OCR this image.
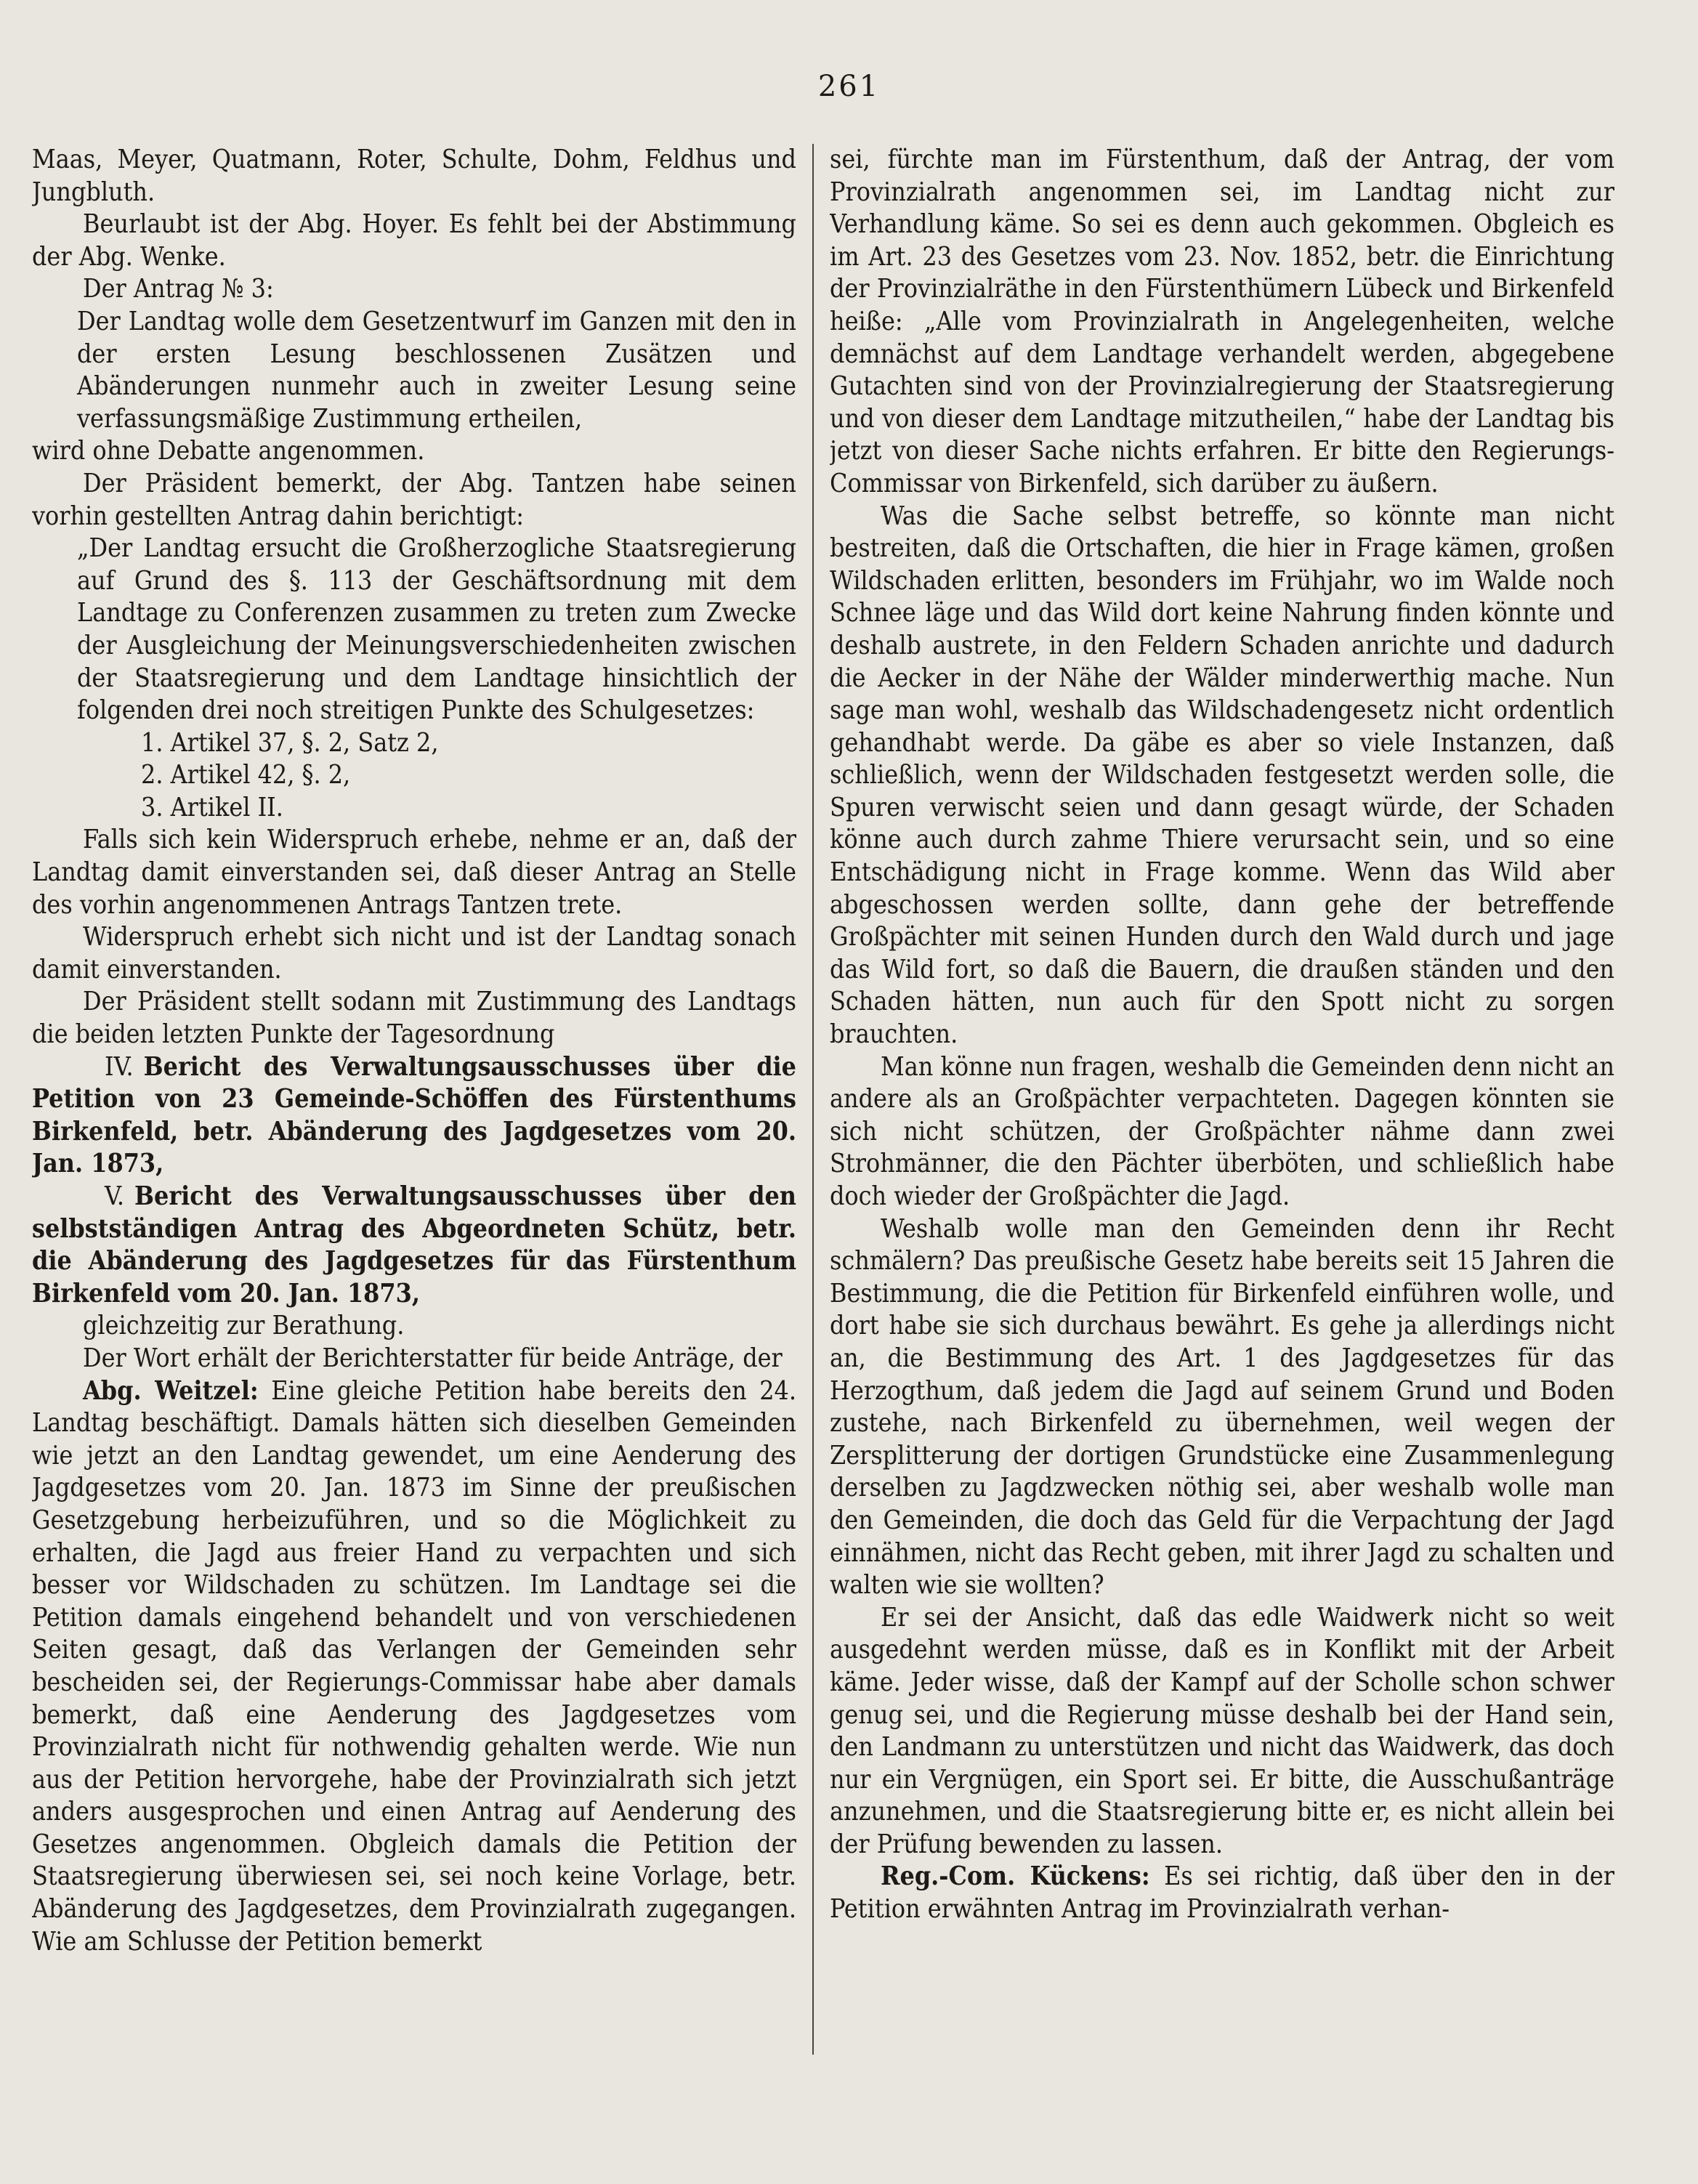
261

Maas, Meyer, Quatmann, Roter, Schulte, Dohm, Feldhus und Jungbluth.

Beurlaubt ist der Abg. Hoyer. Es fehlt bei der Abstimmung der Abg. Wenke.

Der Antrag № 3:

Der Landtag wolle dem Gesetzentwurf im Ganzen mit den in der ersten Lesung beschlossenen Zusätzen und Abänderungen nunmehr auch in zweiter Lesung seine verfassungsmäßige Zustimmung ertheilen,

wird ohne Debatte angenommen.

Der Präsident bemerkt, der Abg. Tantzen habe seinen vorhin gestellten Antrag dahin berichtigt:

„Der Landtag ersucht die Großherzogliche Staatsregierung auf Grund des §. 113 der Geschäftsordnung mit dem Landtage zu Conferenzen zusammen zu treten zum Zwecke der Ausgleichung der Meinungsverschiedenheiten zwischen der Staatsregierung und dem Landtage hinsichtlich der folgenden drei noch streitigen Punkte des Schulgesetzes:

1. Artikel 37, §. 2, Satz 2,

2. Artikel 42, §. 2,

3. Artikel II.

Falls sich kein Widerspruch erhebe, nehme er an, daß der Landtag damit einverstanden sei, daß dieser Antrag an Stelle des vorhin angenommenen Antrags Tantzen trete.

Widerspruch erhebt sich nicht und ist der Landtag sonach damit einverstanden.

Der Präsident stellt sodann mit Zustimmung des Landtags die beiden letzten Punkte der Tagesordnung

IV. Bericht des Verwaltungsausschusses über die Petition von 23 Gemeinde-Schöffen des Fürstenthums Birkenfeld, betr. Abänderung des Jagdgesetzes vom 20. Jan. 1873,

V. Bericht des Verwaltungsausschusses über den selbstständigen Antrag des Abgeordneten Schütz, betr. die Abänderung des Jagdgesetzes für das Fürstenthum Birkenfeld vom 20. Jan. 1873,

gleichzeitig zur Berathung.

Der Wort erhält der Berichterstatter für beide Anträge, der

Abg. Weitzel: Eine gleiche Petition habe bereits den 24. Landtag beschäftigt. Damals hätten sich dieselben Gemeinden wie jetzt an den Landtag gewendet, um eine Aenderung des Jagdgesetzes vom 20. Jan. 1873 im Sinne der preußischen Gesetzgebung herbeizuführen, und so die Möglichkeit zu erhalten, die Jagd aus freier Hand zu verpachten und sich besser vor Wildschaden zu schützen. Im Landtage sei die Petition damals eingehend behandelt und von verschiedenen Seiten gesagt, daß das Verlangen der Gemeinden sehr bescheiden sei, der Regierungs-Commissar habe aber damals bemerkt, daß eine Aenderung des Jagdgesetzes vom Provinzialrath nicht für nothwendig gehalten werde. Wie nun aus der Petition hervorgehe, habe der Provinzialrath sich jetzt anders ausgesprochen und einen Antrag auf Aenderung des Gesetzes angenommen. Obgleich damals die Petition der Staatsregierung überwiesen sei, sei noch keine Vorlage, betr. Abänderung des Jagdgesetzes, dem Provinzialrath zugegangen. Wie am Schlusse der Petition bemerkt

sei, fürchte man im Fürstenthum, daß der Antrag, der vom Provinzialrath angenommen sei, im Landtag nicht zur Verhandlung käme. So sei es denn auch gekommen. Obgleich es im Art. 23 des Gesetzes vom 23. Nov. 1852, betr. die Einrichtung der Provinzialräthe in den Fürstenthümern Lübeck und Birkenfeld heiße: „Alle vom Provinzialrath in Angelegenheiten, welche demnächst auf dem Landtage verhandelt werden, abgegebene Gutachten sind von der Provinzialregierung der Staatsregierung und von dieser dem Landtage mitzutheilen,“ habe der Landtag bis jetzt von dieser Sache nichts erfahren. Er bitte den Regierungs-Commissar von Birkenfeld, sich darüber zu äußern.

Was die Sache selbst betreffe, so könnte man nicht bestreiten, daß die Ortschaften, die hier in Frage kämen, großen Wildschaden erlitten, besonders im Frühjahr, wo im Walde noch Schnee läge und das Wild dort keine Nahrung finden könnte und deshalb austrete, in den Feldern Schaden anrichte und dadurch die Aecker in der Nähe der Wälder minderwerthig mache. Nun sage man wohl, weshalb das Wildschadengesetz nicht ordentlich gehandhabt werde. Da gäbe es aber so viele Instanzen, daß schließlich, wenn der Wildschaden festgesetzt werden solle, die Spuren verwischt seien und dann gesagt würde, der Schaden könne auch durch zahme Thiere verursacht sein, und so eine Entschädigung nicht in Frage komme. Wenn das Wild aber abgeschossen werden sollte, dann gehe der betreffende Großpächter mit seinen Hunden durch den Wald durch und jage das Wild fort, so daß die Bauern, die draußen ständen und den Schaden hätten, nun auch für den Spott nicht zu sorgen brauchten.

Man könne nun fragen, weshalb die Gemeinden denn nicht an andere als an Großpächter verpachteten. Dagegen könnten sie sich nicht schützen, der Großpächter nähme dann zwei Strohmänner, die den Pächter überböten, und schließlich habe doch wieder der Großpächter die Jagd.

Weshalb wolle man den Gemeinden denn ihr Recht schmälern? Das preußische Gesetz habe bereits seit 15 Jahren die Bestimmung, die die Petition für Birkenfeld einführen wolle, und dort habe sie sich durchaus bewährt. Es gehe ja allerdings nicht an, die Bestimmung des Art. 1 des Jagdgesetzes für das Herzogthum, daß jedem die Jagd auf seinem Grund und Boden zustehe, nach Birkenfeld zu übernehmen, weil wegen der Zersplitterung der dortigen Grundstücke eine Zusammenlegung derselben zu Jagdzwecken nöthig sei, aber weshalb wolle man den Gemeinden, die doch das Geld für die Verpachtung der Jagd einnähmen, nicht das Recht geben, mit ihrer Jagd zu schalten und walten wie sie wollten?

Er sei der Ansicht, daß das edle Waidwerk nicht so weit ausgedehnt werden müsse, daß es in Konflikt mit der Arbeit käme. Jeder wisse, daß der Kampf auf der Scholle schon schwer genug sei, und die Regierung müsse deshalb bei der Hand sein, den Landmann zu unterstützen und nicht das Waidwerk, das doch nur ein Vergnügen, ein Sport sei. Er bitte, die Ausschußanträge anzunehmen, und die Staatsregierung bitte er, es nicht allein bei der Prüfung bewenden zu lassen.

Reg.-Com. Kückens: Es sei richtig, daß über den in der Petition erwähnten Antrag im Provinzialrath verhan-
